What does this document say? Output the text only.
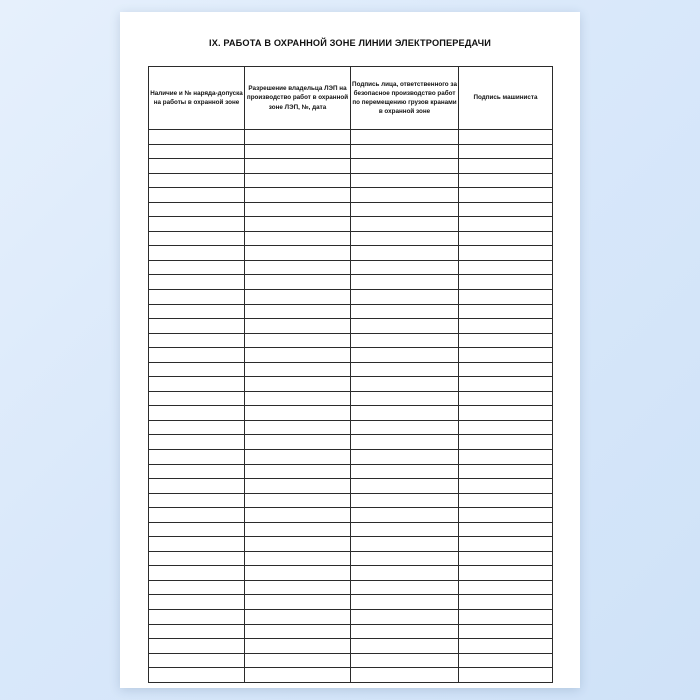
IX. РАБОТА В ОХРАННОЙ ЗОНЕ ЛИНИИ ЭЛЕКТРОПЕРЕДАЧИ
Наличие и № наряда-допуска на работы в охранной зоне	Разрешение владельца ЛЭП на производство работ в охранной зоне ЛЭП, №, дата	Подпись лица, ответственного за безопасное производство работ по перемещению грузов кранами в охранной зоне	Подпись машиниста
